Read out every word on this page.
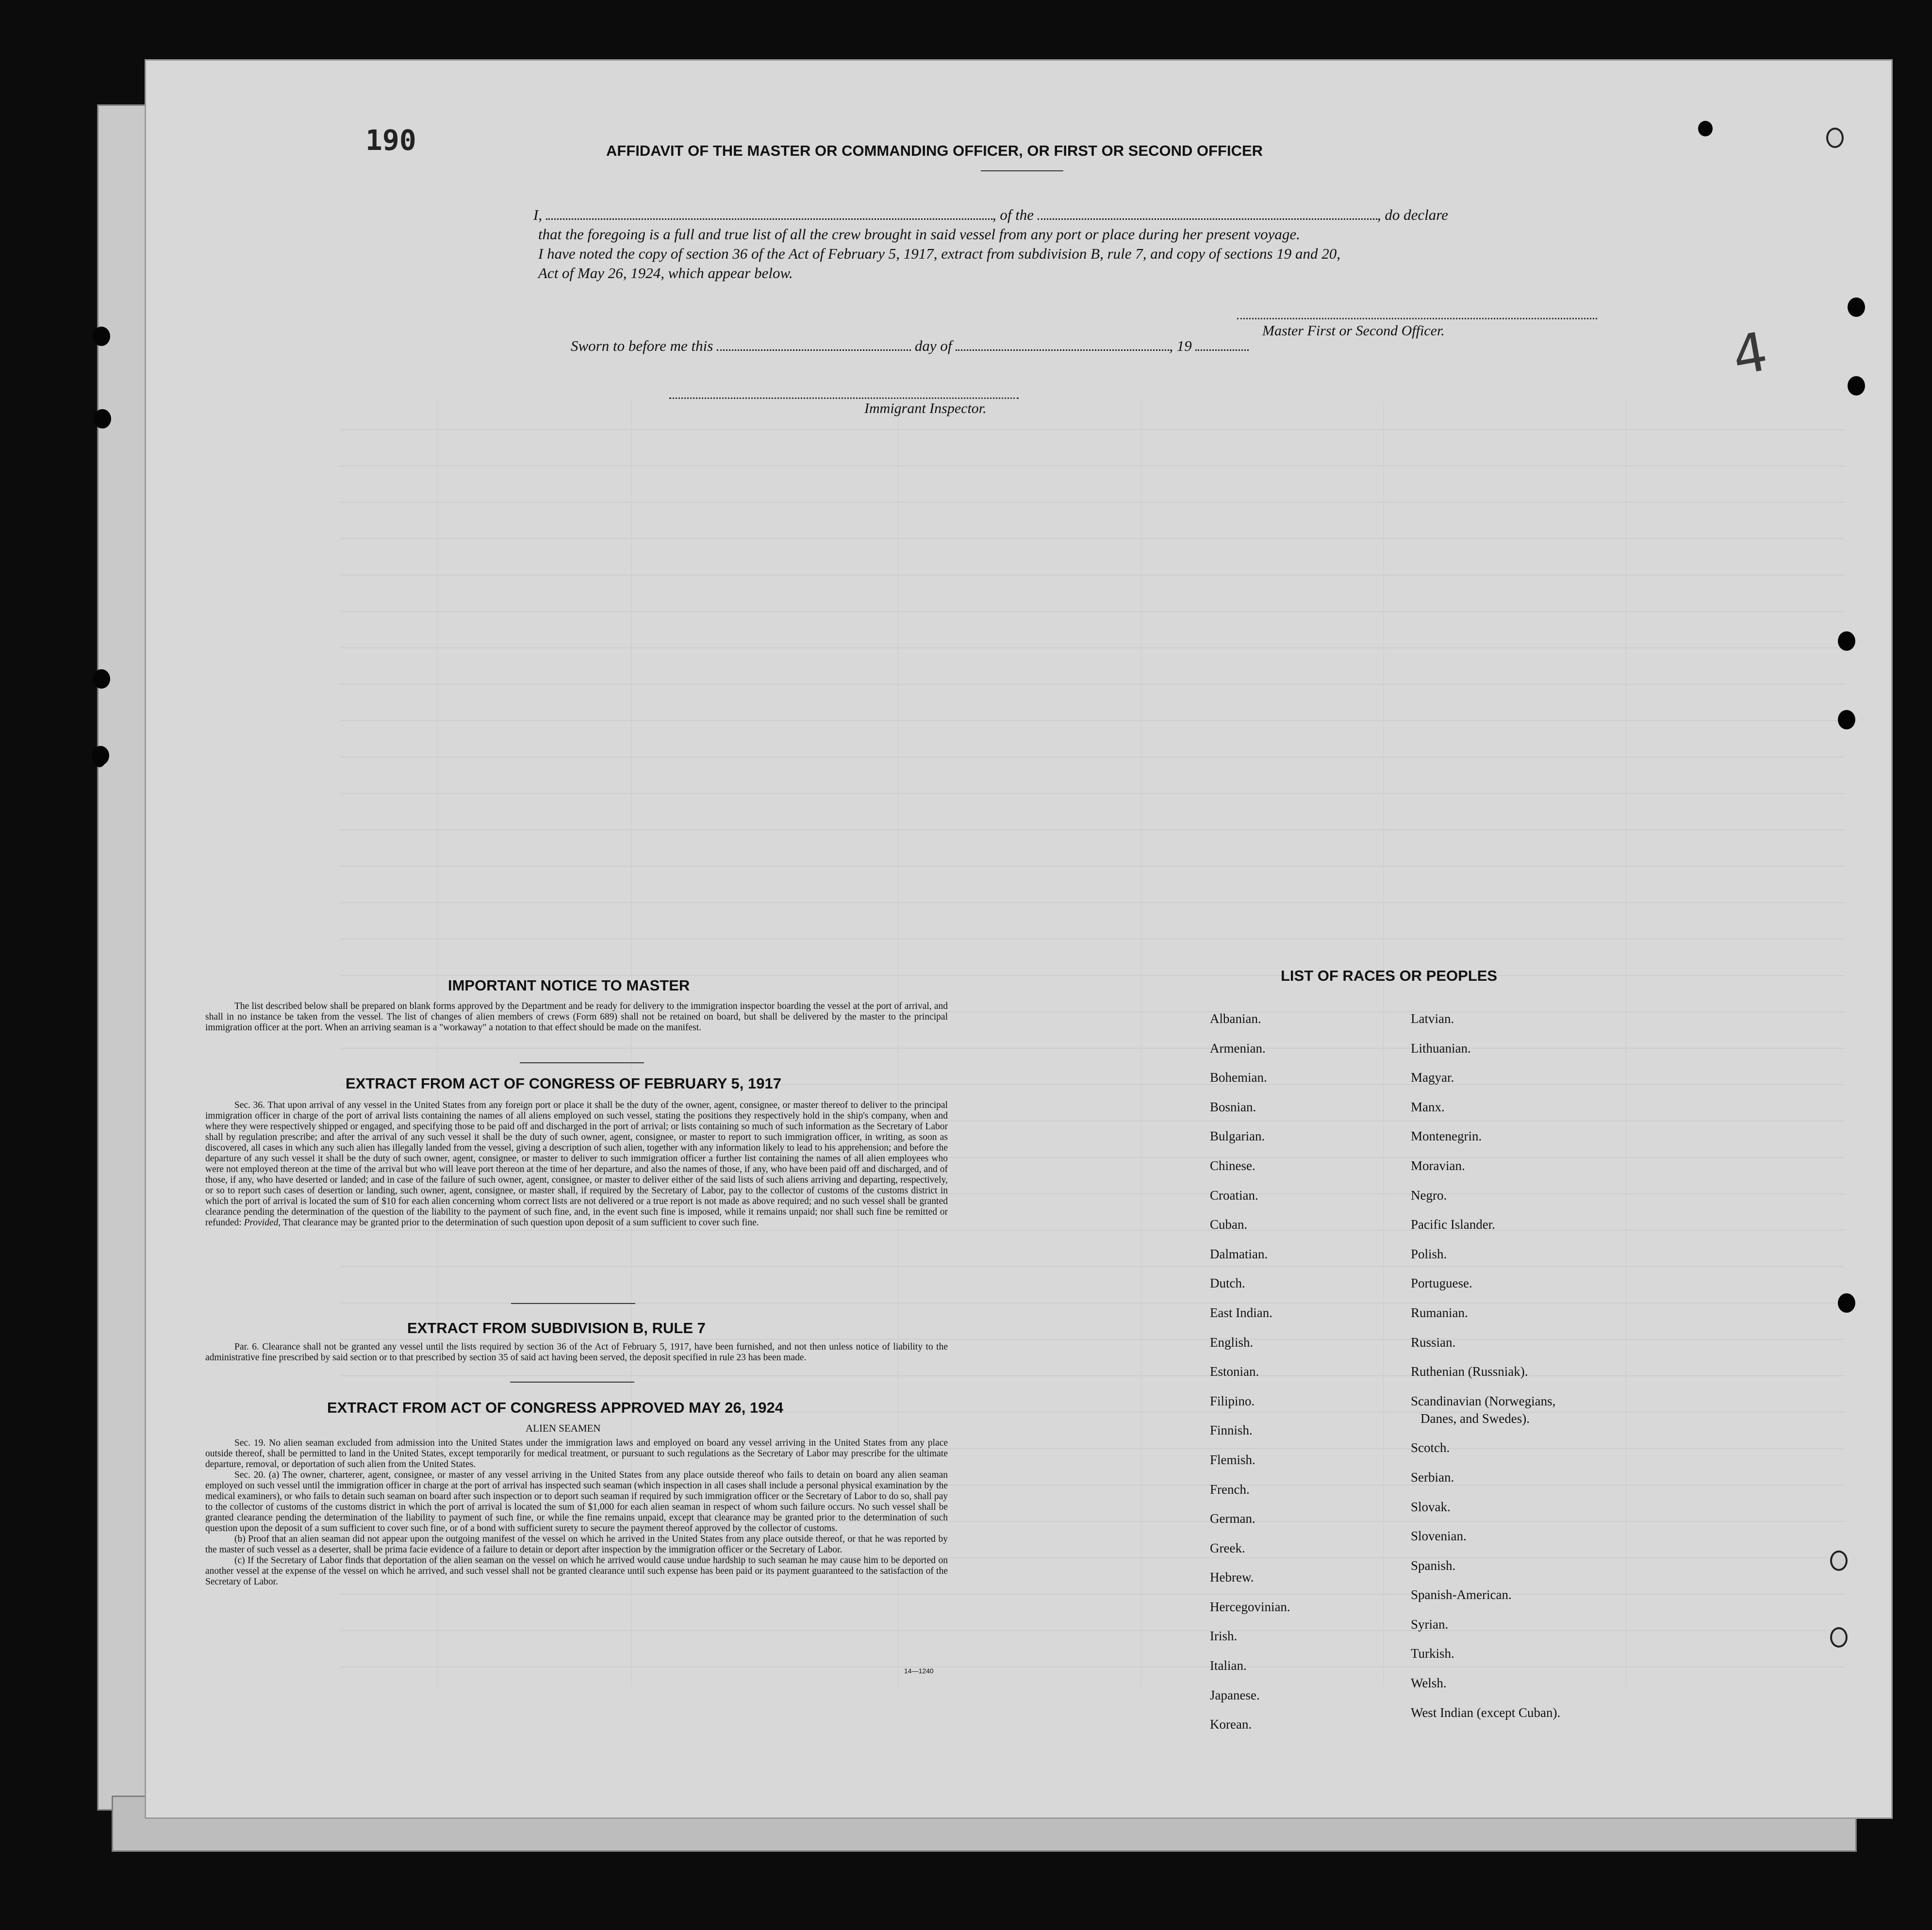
190	AFFIDAVIT OF THE MASTER OR COMMANDING OFFICER, OR FIRST OR SECOND OFFICER
I,	, of the	, do declare
that the foregoing is a full and true list of all the crew brought in said vessel from any port or place during her present voyage.
I have noted the copy of section 36 of the Act of February 5, 1917, extract from subdivision B, rule 7, and copy of sections 19 and 20,
Act of May 26, 1924, which appear below.
Master First or Second Officer.	4
Sworn to before me this	day of	, 19
Immigrant Inspector.
IMPORTANT NOTICE TO MASTER

The list described below shall be prepared on blank forms approved by the Department and be ready for delivery to the immigration inspector boarding the vessel at the port of arrival, and shall in no instance be taken from the vessel. The list of changes of alien members of crews (Form 689) shall not be retained on board, but shall be delivered by the master to the principal immigration officer at the port. When an arriving seaman is a "workaway" a notation to that effect should be made on the manifest.

EXTRACT FROM ACT OF CONGRESS OF FEBRUARY 5, 1917

Sec. 36. That upon arrival of any vessel in the United States from any foreign port or place it shall be the duty of the owner, agent, consignee, or master thereof to deliver to the principal immigration officer in charge of the port of arrival lists containing the names of all aliens employed on such vessel, stating the positions they respectively hold in the ship's company, when and where they were respectively shipped or engaged, and specifying those to be paid off and discharged in the port of arrival; or lists containing so much of such information as the Secretary of Labor shall by regulation prescribe; and after the arrival of any such vessel it shall be the duty of such owner, agent, consignee, or master to report to such immigration officer, in writing, as soon as discovered, all cases in which any such alien has illegally landed from the vessel, giving a description of such alien, together with any information likely to lead to his apprehension; and before the departure of any such vessel it shall be the duty of such owner, agent, consignee, or master to deliver to such immigration officer a further list containing the names of all alien employees who were not employed thereon at the time of the arrival but who will leave port thereon at the time of her departure, and also the names of those, if any, who have been paid off and discharged, and of those, if any, who have deserted or landed; and in case of the failure of such owner, agent, consignee, or master to deliver either of the said lists of such aliens arriving and departing, respectively, or so to report such cases of desertion or landing, such owner, agent, consignee, or master shall, if required by the Secretary of Labor, pay to the collector of customs of the customs district in which the port of arrival is located the sum of $10 for each alien concerning whom correct lists are not delivered or a true report is not made as above required; and no such vessel shall be granted clearance pending the determination of the question of the liability to the payment of such fine, and, in the event such fine is imposed, while it remains unpaid; nor shall such fine be remitted or refunded: Provided, That clearance may be granted prior to the determination of such question upon deposit of a sum sufficient to cover such fine.

EXTRACT FROM SUBDIVISION B, RULE 7

Par. 6. Clearance shall not be granted any vessel until the lists required by section 36 of the Act of February 5, 1917, have been furnished, and not then unless notice of liability to the administrative fine prescribed by said section or to that prescribed by section 35 of said act having been served, the deposit specified in rule 23 has been made.

EXTRACT FROM ACT OF CONGRESS APPROVED MAY 26, 1924
ALIEN SEAMEN

Sec. 19. No alien seaman excluded from admission into the United States under the immigration laws and employed on board any vessel arriving in the United States from any place outside thereof, shall be permitted to land in the United States, except temporarily for medical treatment, or pursuant to such regulations as the Secretary of Labor may prescribe for the ultimate departure, removal, or deportation of such alien from the United States.

Sec. 20. (a) The owner, charterer, agent, consignee, or master of any vessel arriving in the United States from any place outside thereof who fails to detain on board any alien seaman employed on such vessel until the immigration officer in charge at the port of arrival has inspected such seaman (which inspection in all cases shall include a personal physical examination by the medical examiners), or who fails to detain such seaman on board after such inspection or to deport such seaman if required by such immigration officer or the Secretary of Labor to do so, shall pay to the collector of customs of the customs district in which the port of arrival is located the sum of $1,000 for each alien seaman in respect of whom such failure occurs. No such vessel shall be granted clearance pending the determination of the liability to payment of such fine, or while the fine remains unpaid, except that clearance may be granted prior to the determination of such question upon the deposit of a sum sufficient to cover such fine, or of a bond with sufficient surety to secure the payment thereof approved by the collector of customs.

(b) Proof that an alien seaman did not appear upon the outgoing manifest of the vessel on which he arrived in the United States from any place outside thereof, or that he was reported by the master of such vessel as a deserter, shall be prima facie evidence of a failure to detain or deport after inspection by the immigration officer or the Secretary of Labor.

(c) If the Secretary of Labor finds that deportation of the alien seaman on the vessel on which he arrived would cause undue hardship to such seaman he may cause him to be deported on another vessel at the expense of the vessel on which he arrived, and such vessel shall not be granted clearance until such expense has been paid or its payment guaranteed to the satisfaction of the Secretary of Labor.

14—1240
LIST OF RACES OR PEOPLES
Albanian.
Armenian.
Bohemian.
Bosnian.
Bulgarian.
Chinese.
Croatian.
Cuban.
Dalmatian.
Dutch.
East Indian.
English.
Estonian.
Filipino.
Finnish.
Flemish.
French.
German.
Greek.
Hebrew.
Hercegovinian.
Irish.
Italian.
Japanese.
Korean.
Latvian.
Lithuanian.
Magyar.
Manx.
Montenegrin.
Moravian.
Negro.
Pacific Islander.
Polish.
Portuguese.
Rumanian.
Russian.
Ruthenian (Russniak).
Scandinavian (Norwegians,
Danes, and Swedes).
Scotch.
Serbian.
Slovak.
Slovenian.
Spanish.
Spanish-American.
Syrian.
Turkish.
Welsh.
West Indian (except Cuban).
